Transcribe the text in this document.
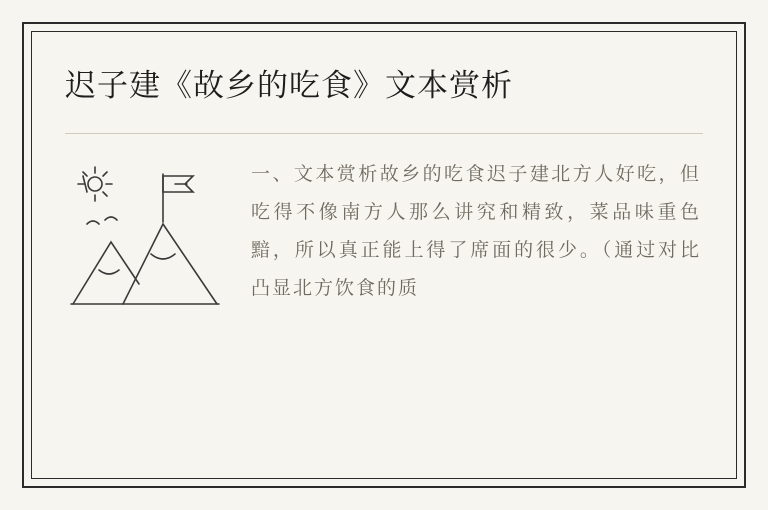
迟子建《故乡的吃食》文本赏析

一、文本赏析故乡的吃食迟子建北方人好吃，但吃得不像南方人那么讲究和精致，菜品味重色黯，所以真正能上得了席面的很少。（通过对比凸显北方饮食的质
